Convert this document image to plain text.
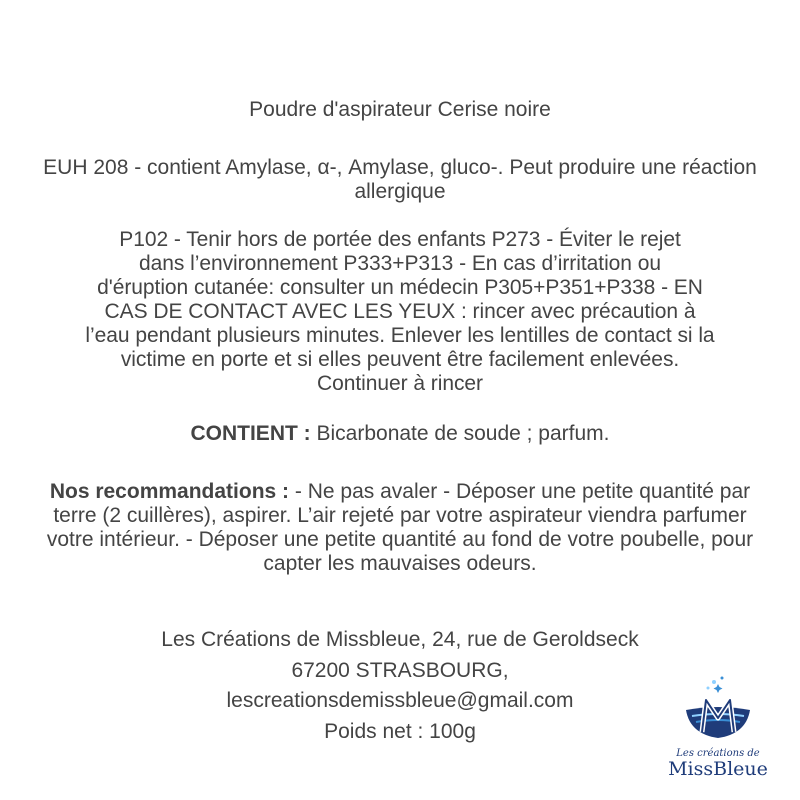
Poudre d'aspirateur Cerise noire
EUH 208 - contient Amylase, α-, Amylase, gluco-. Peut produire une réaction allergique
P102 - Tenir hors de portée des enfants P273 - Éviter le rejet
dans l’environnement P333+P313 - En cas d’irritation ou
d'éruption cutanée: consulter un médecin P305+P351+P338 - EN
CAS DE CONTACT AVEC LES YEUX : rincer avec précaution à
l’eau pendant plusieurs minutes. Enlever les lentilles de contact si la
victime en porte et si elles peuvent être facilement enlevées.
Continuer à rincer
CONTIENT : Bicarbonate de soude ; parfum.
Nos recommandations : - Ne pas avaler - Déposer une petite quantité par terre (2 cuillères), aspirer. L’air rejeté par votre aspirateur viendra parfumer votre intérieur. - Déposer une petite quantité au fond de votre poubelle, pour capter les mauvaises odeurs.
Les Créations de Missbleue, 24, rue de Geroldseck
67200 STRASBOURG,
lescreationsdemissbleue@gmail.com
Poids net : 100g
Les créations de
MissBleue
